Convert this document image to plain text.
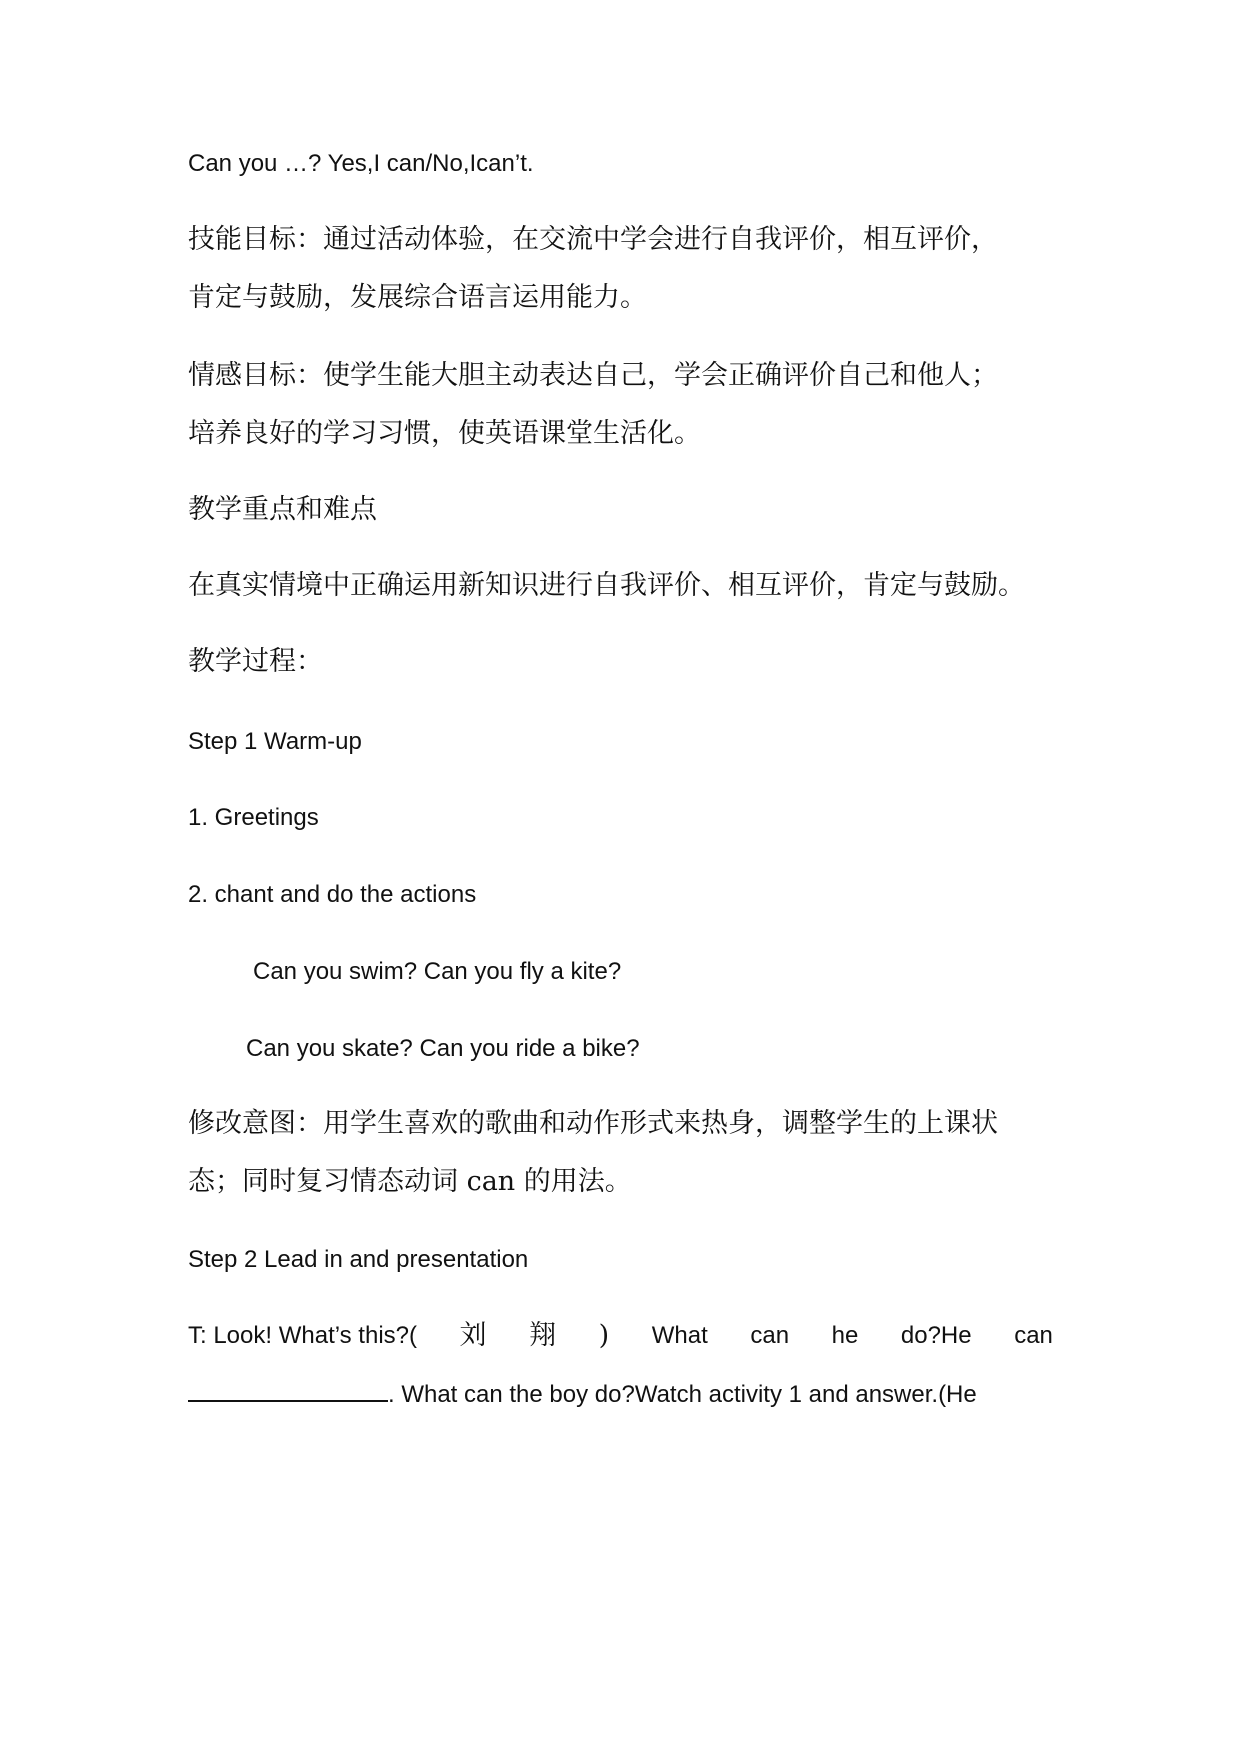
Can you …? Yes,I can/No,Ican’t.
技能目标：通过活动体验，在交流中学会进行自我评价，相互评价，
肯定与鼓励，发展综合语言运用能力。
情感目标：使学生能大胆主动表达自己，学会正确评价自己和他人；
培养良好的学习习惯，使英语课堂生活化。
教学重点和难点
在真实情境中正确运用新知识进行自我评价、相互评价，肯定与鼓励。
教学过程：
Step 1 Warm-up
1. Greetings
2. chant and do the actions
Can you swim? Can you fly a kite?
Can you skate? Can you ride a bike?
修改意图：用学生喜欢的歌曲和动作形式来热身，调整学生的上课状
态；同时复习情态动词 can 的用法。
Step 2 Lead in and presentation
T: Look! What’s this?( 刘 翔 ) What can he do?He can
. What can the boy do?Watch activity 1 and answer.(He
